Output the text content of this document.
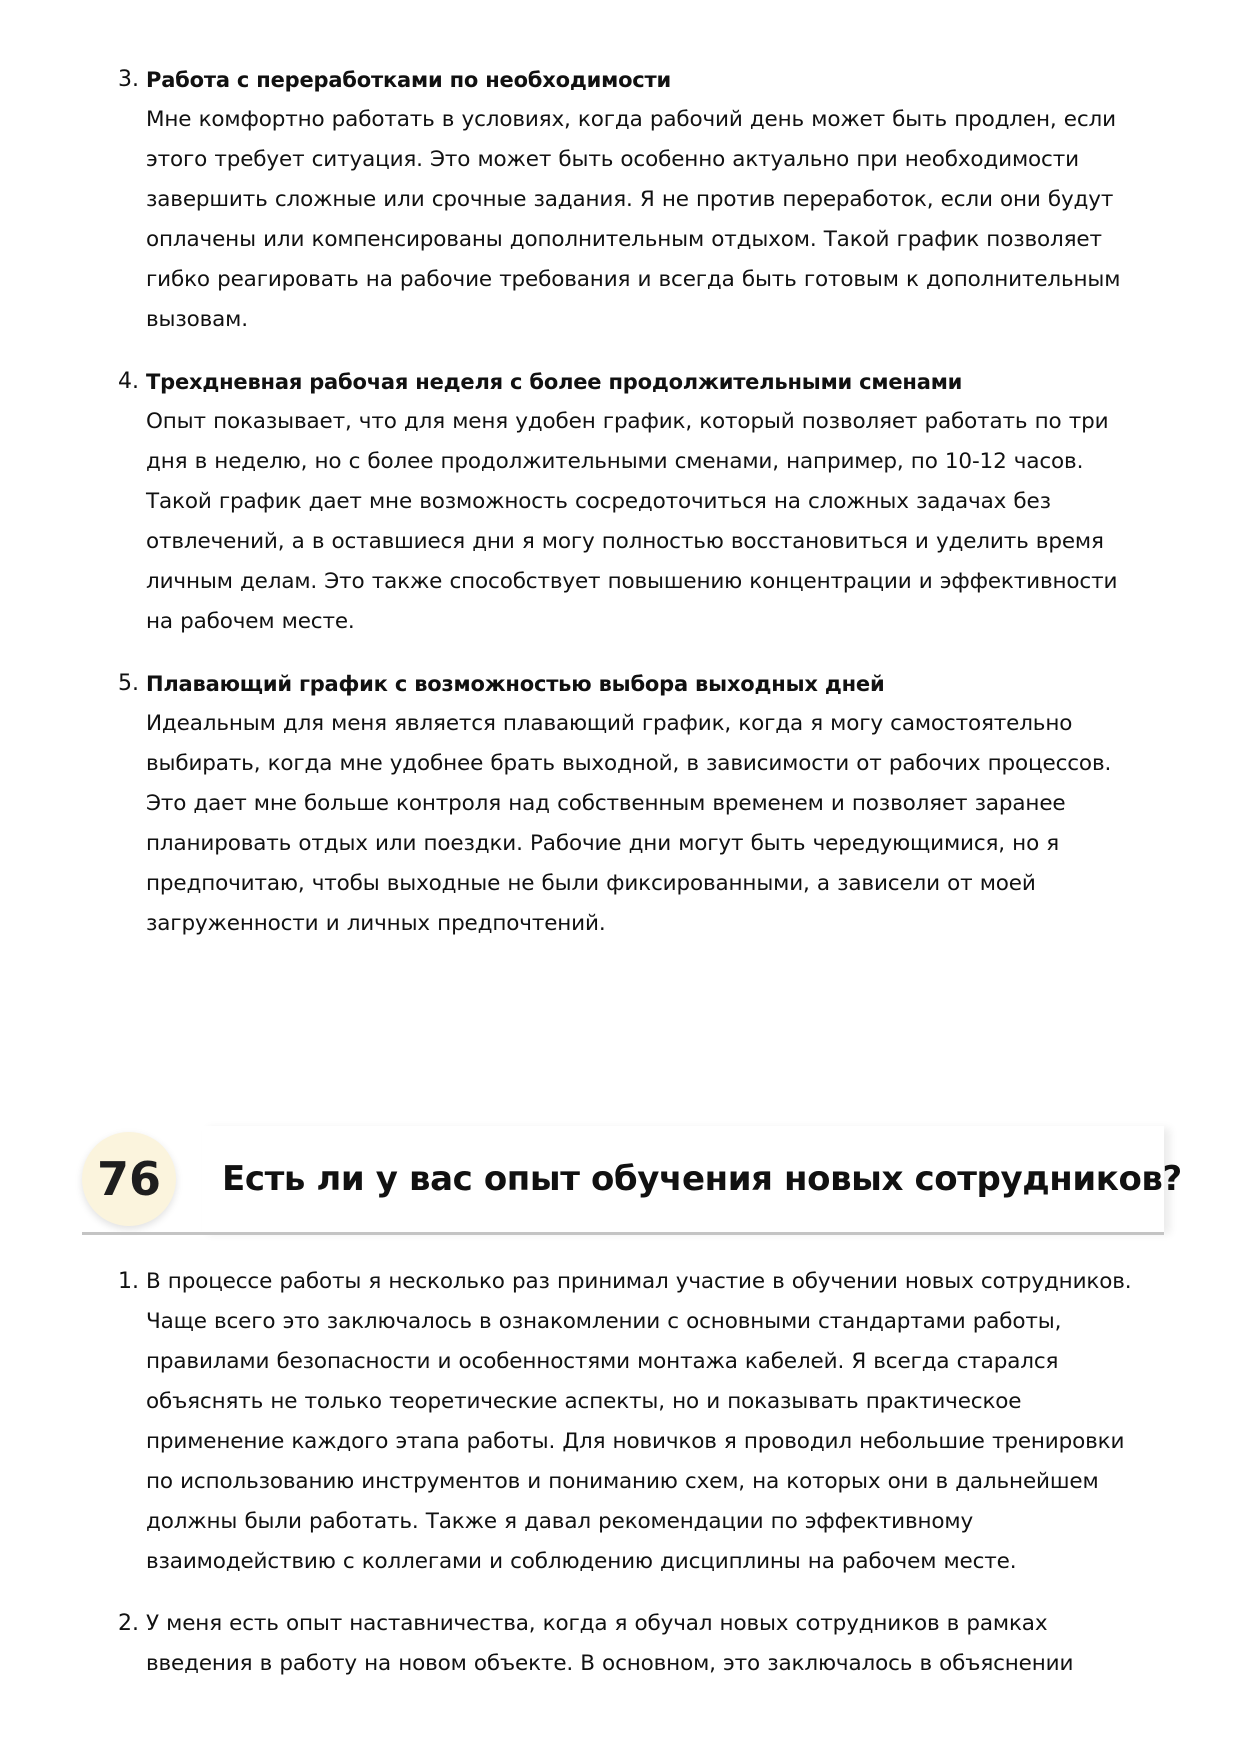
3. Работа с переработками по необходимости
Мне комфортно работать в условиях, когда рабочий день может быть продлен, если
этого требует ситуация. Это может быть особенно актуально при необходимости
завершить сложные или срочные задания. Я не против переработок, если они будут
оплачены или компенсированы дополнительным отдыхом. Такой график позволяет
гибко реагировать на рабочие требования и всегда быть готовым к дополнительным
вызовам.
4. Трехдневная рабочая неделя с более продолжительными сменами
Опыт показывает, что для меня удобен график, который позволяет работать по три
дня в неделю, но с более продолжительными сменами, например, по 10-12 часов.
Такой график дает мне возможность сосредоточиться на сложных задачах без
отвлечений, а в оставшиеся дни я могу полностью восстановиться и уделить время
личным делам. Это также способствует повышению концентрации и эффективности
на рабочем месте.
5. Плавающий график с возможностью выбора выходных дней
Идеальным для меня является плавающий график, когда я могу самостоятельно
выбирать, когда мне удобнее брать выходной, в зависимости от рабочих процессов.
Это дает мне больше контроля над собственным временем и позволяет заранее
планировать отдых или поездки. Рабочие дни могут быть чередующимися, но я
предпочитаю, чтобы выходные не были фиксированными, а зависели от моей
загруженности и личных предпочтений.
76	Есть ли у вас опыт обучения новых сотрудников?
1. В процессе работы я несколько раз принимал участие в обучении новых сотрудников.
Чаще всего это заключалось в ознакомлении с основными стандартами работы,
правилами безопасности и особенностями монтажа кабелей. Я всегда старался
объяснять не только теоретические аспекты, но и показывать практическое
применение каждого этапа работы. Для новичков я проводил небольшие тренировки
по использованию инструментов и пониманию схем, на которых они в дальнейшем
должны были работать. Также я давал рекомендации по эффективному
взаимодействию с коллегами и соблюдению дисциплины на рабочем месте.
2. У меня есть опыт наставничества, когда я обучал новых сотрудников в рамках
введения в работу на новом объекте. В основном, это заключалось в объяснении
